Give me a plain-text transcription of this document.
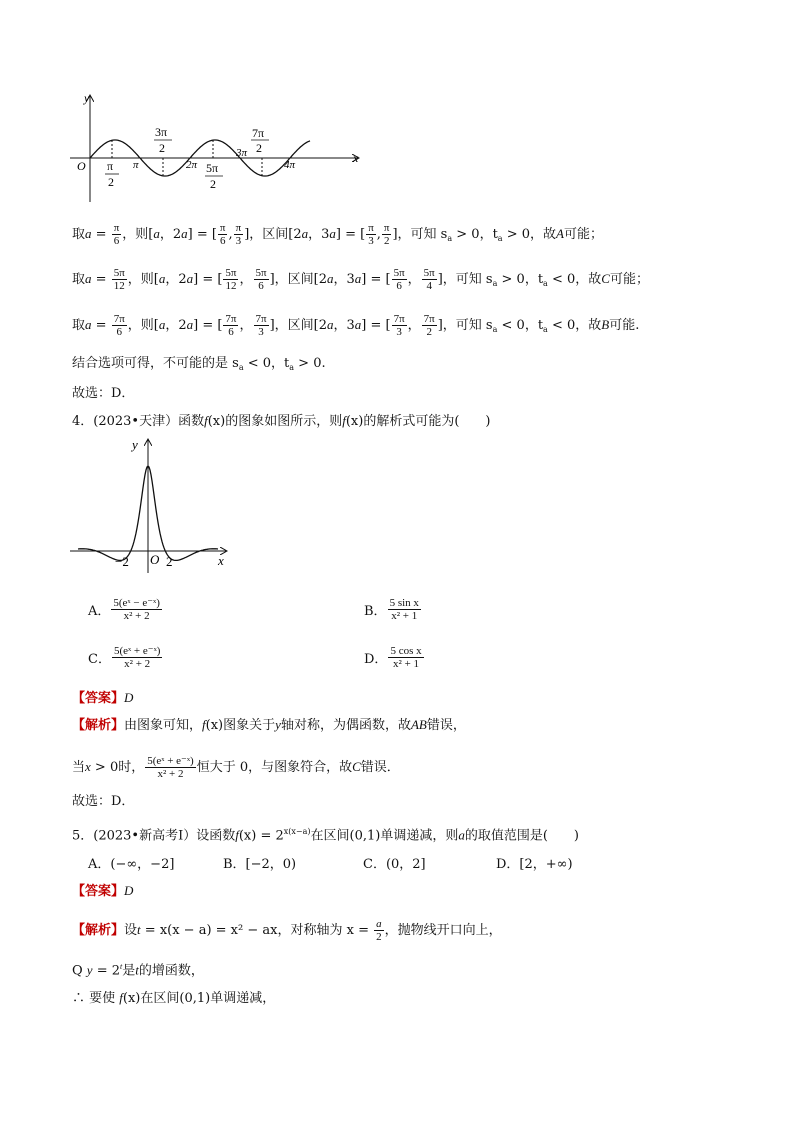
y
x
O π
2
π
3π
2
2π 5π
2
3π
7π
2
4π
取$a = \frac{\pi}{6}$ ，则[a，2a] = [ $\frac{\pi}{6}$ , $\frac{\pi}{3}$ ]，区间[2a，3a] = [ $\frac{\pi}{3}$ , $\frac{\pi}{2}$ ]，可知 $s_a > 0$，$t_a > 0$，故A可能；
取$a = \frac{5\pi}{12}$ ，则[a，2a] = [ $\frac{5\pi}{12}$ ， $\frac{5\pi}{6}$ ]，区间[2a，3a] = [ $\frac{5\pi}{6}$ ， $\frac{5\pi}{4}$ ]，可知 $s_a > 0$，$t_a < 0$，故C可能；
取$a = \frac{7\pi}{6}$ ，则[a，2a] = [ $\frac{7\pi}{6}$ ， $\frac{7\pi}{3}$ ]，区间[2a，3a] = [ $\frac{7\pi}{3}$ ， $\frac{7\pi}{2}$ ]，可知 $s_a < 0$，$t_a < 0$，故B可能.
结合选项可得，不可能的是 $s_a < 0$，$t_a > 0$.
故选：D．
4．(2023•天津）函数f(x)的图象如图所示，则f(x)的解析式可能为(　　)
y
x
−2 O 2
A． $\frac{\text{5(eˣ − e⁻ˣ)}}{\text{x² + 2}}$	B． $\frac{\text{5 sin x}}{\text{x² + 1}}$
C． $\frac{\text{5(eˣ + e⁻ˣ)}}{\text{x² + 2}}$	D． $\frac{\text{5 cos x}}{\text{x² + 1}}$
【答案】D
【解析】由图象可知，f(x)图象关于y轴对称，为偶函数，故AB错误，
当x > 0时， $\frac{\text{5(eˣ + e⁻ˣ)}}{\text{x² + 2}}$ 恒大于 0，与图象符合，故C错误．
故选：D．
5．(2023•新高考Ⅰ）设函数$f(x) = 2^{x(x-a)}$在区间(0,1)单调递减，则a的取值范围是(　　)
A．(−∞，−2]	B．[−2，0)	C．(0，2]	D．[2，+∞)
【答案】D
【解析】设t = x(x − a) = x² − ax，对称轴为 $x = \frac{a}{2}$ ，抛物线开口向上，
Q $y = 2^t$是t的增函数，
∴ 要使 f(x)在区间(0,1)单调递减，
